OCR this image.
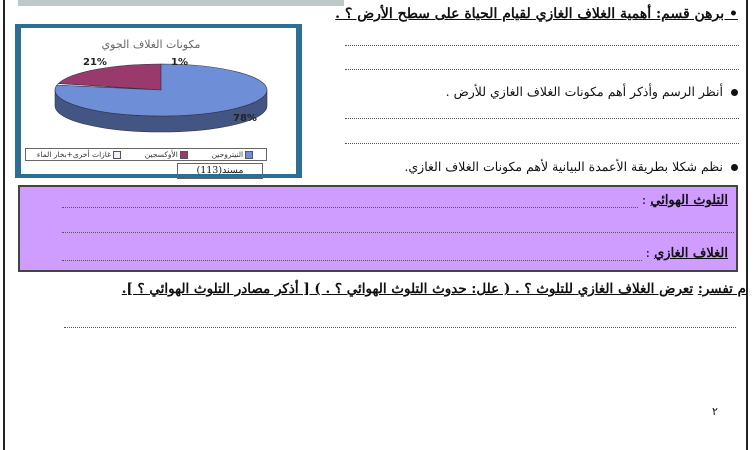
• برهن قسم: أهمية الغلاف الغازي لقيام الحياة على سطح الأرض ؟ .
أنظر الرسم وأذكر أهم مكونات الغلاف الغازي للأرض .
نظم شكلا بطريقة الأعمدة البيانية لأهم مكونات الغلاف الغازي.
مكونات الغلاف الجوي
21%	1%
78%
النيتروجين
الأوكسجين
غازات أخرى+بخار الماء
مسند(113)
التلوث الهوائي :
الغلاف الغازي :
م تفسر: تعرض الغلاف الغازي للتلوث ؟ . ( علل: حدوث التلوث الهوائي ؟ . ) [ أذكر مصادر التلوث الهوائي ؟ ].
٢
